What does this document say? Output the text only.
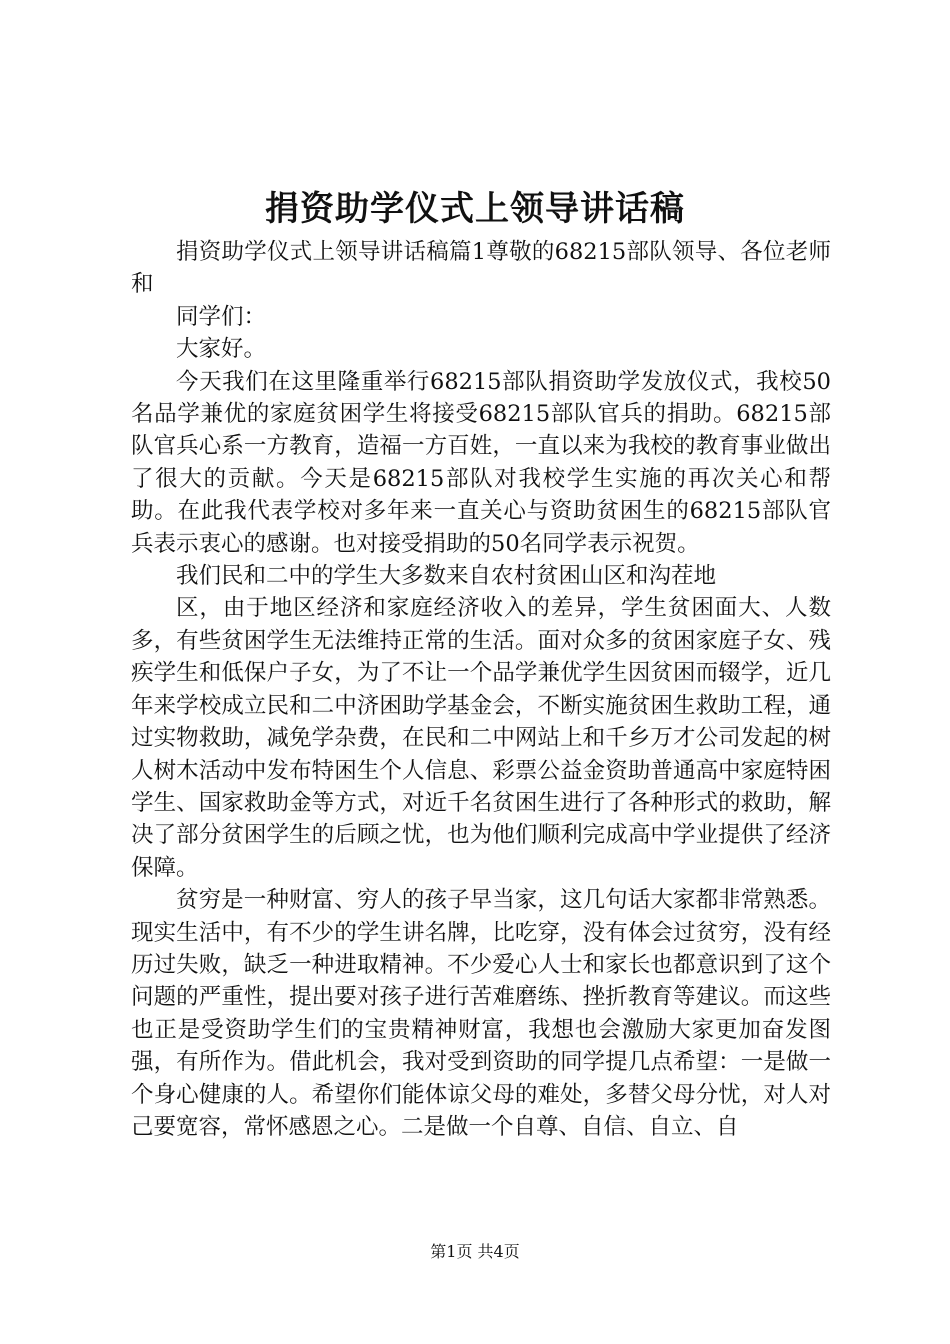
捐资助学仪式上领导讲话稿

捐资助学仪式上领导讲话稿篇1尊敬的68215部队领导、各位老师和

同学们：

大家好。

今天我们在这里隆重举行68215部队捐资助学发放仪式，我校50名品学兼优的家庭贫困学生将接受68215部队官兵的捐助。68215部队官兵心系一方教育，造福一方百姓，一直以来为我校的教育事业做出了很大的贡献。今天是68215部队对我校学生实施的再次关心和帮助。在此我代表学校对多年来一直关心与资助贫困生的68215部队官兵表示衷心的感谢。也对接受捐助的50名同学表示祝贺。

我们民和二中的学生大多数来自农村贫困山区和沟茬地

区，由于地区经济和家庭经济收入的差异，学生贫困面大、人数多，有些贫困学生无法维持正常的生活。面对众多的贫困家庭子女、残疾学生和低保户子女，为了不让一个品学兼优学生因贫困而辍学，近几年来学校成立民和二中济困助学基金会，不断实施贫困生救助工程，通过实物救助，减免学杂费，在民和二中网站上和千乡万才公司发起的树人树木活动中发布特困生个人信息、彩票公益金资助普通高中家庭特困学生、国家救助金等方式，对近千名贫困生进行了各种形式的救助，解决了部分贫困学生的后顾之忧，也为他们顺利完成高中学业提供了经济保障。

贫穷是一种财富、穷人的孩子早当家，这几句话大家都非常熟悉。现实生活中，有不少的学生讲名牌，比吃穿，没有体会过贫穷，没有经历过失败，缺乏一种进取精神。不少爱心人士和家长也都意识到了这个问题的严重性，提出要对孩子进行苦难磨练、挫折教育等建议。而这些也正是受资助学生们的宝贵精神财富，我想也会激励大家更加奋发图强，有所作为。借此机会，我对受到资助的同学提几点希望：一是做一个身心健康的人。希望你们能体谅父母的难处，多替父母分忧，对人对己要宽容，常怀感恩之心。二是做一个自尊、自信、自立、自

第1页 共4页
